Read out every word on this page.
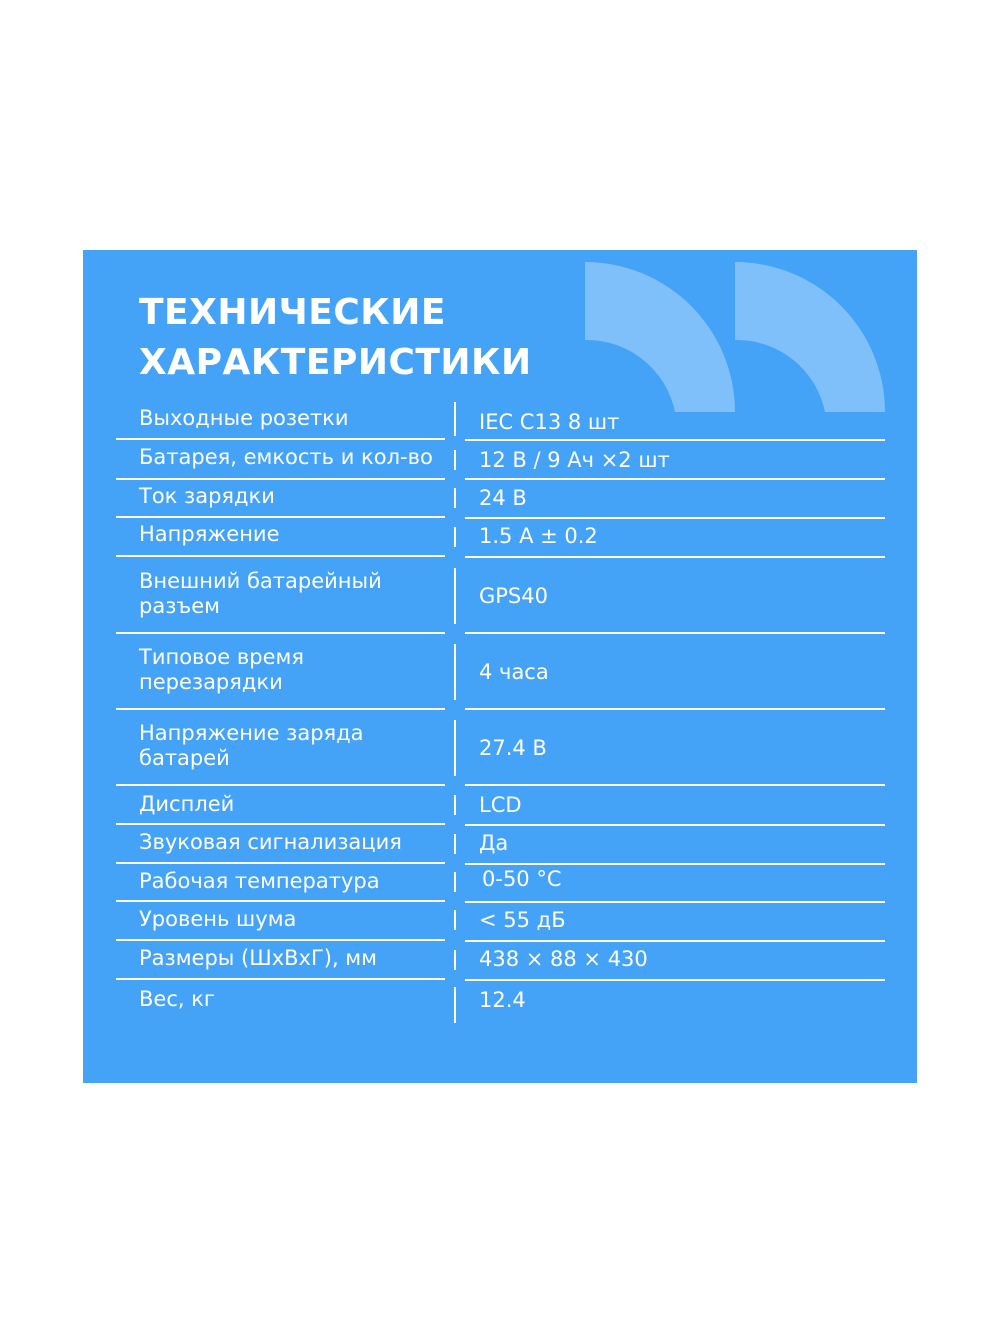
ТЕХНИЧЕСКИЕ
ХАРАКТЕРИСТИКИ
Выходные розетки	IEC C13 8 шт
Батарея, емкость и кол-во	12 В / 9 Ач ×2 шт
Ток зарядки	24 В
Напряжение	1.5 А ± 0.2
Внешний батарейный
разъем	GPS40
Типовое время
перезарядки	4 часа
Напряжение заряда
батарей	27.4 В
Дисплей	LCD
Звуковая сигнализация	Да
Рабочая температура	0-50 °C
Уровень шума	< 55 дБ
Размеры (ШхВхГ), мм	438 × 88 × 430
Вес, кг	12.4
